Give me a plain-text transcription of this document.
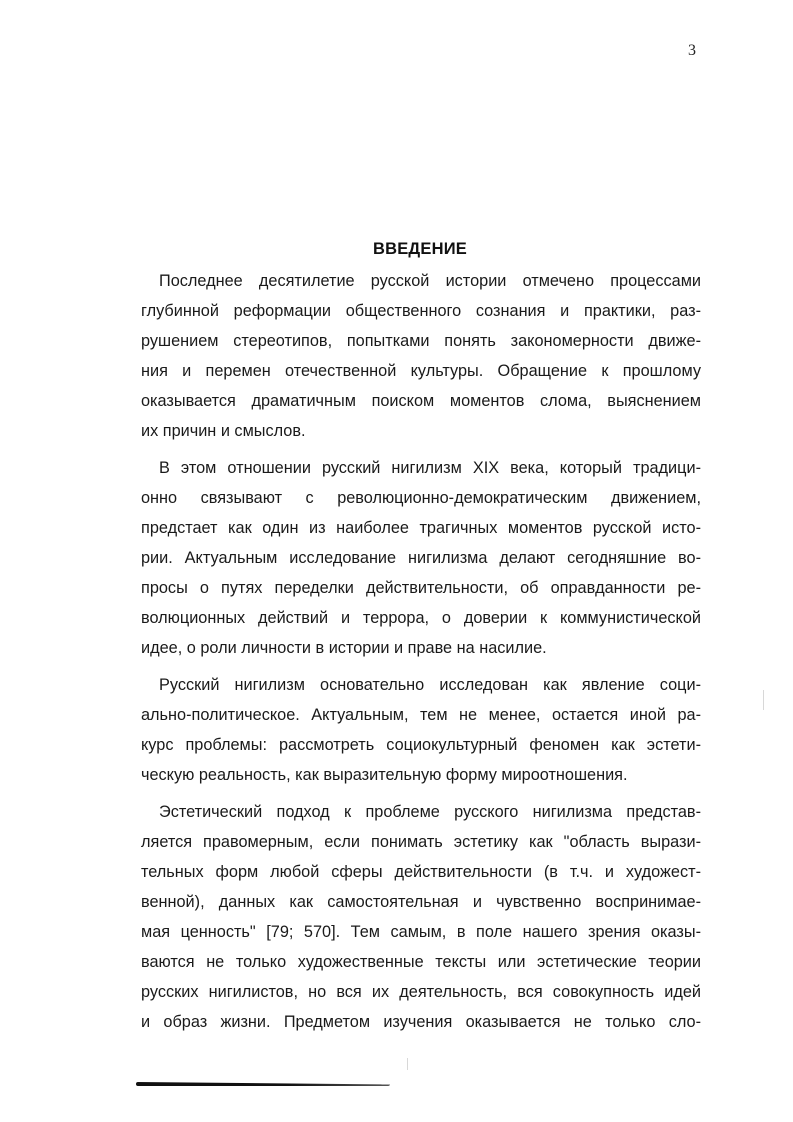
3
ВВЕДЕНИЕ
Последнее десятилетие русской истории отмечено процессами
глубинной реформации общественного сознания и практики, раз-
рушением стереотипов, попытками понять закономерности движе-
ния и перемен отечественной культуры. Обращение к прошлому
оказывается драматичным поиском моментов слома, выяснением
их причин и смыслов.
В этом отношении русский нигилизм XIX века, который традици-
онно связывают с революционно-демократическим движением,
предстает как один из наиболее трагичных моментов русской исто-
рии. Актуальным исследование нигилизма делают сегодняшние во-
просы о путях переделки действительности, об оправданности ре-
волюционных действий и террора, о доверии к коммунистической
идее, о роли личности в истории и праве на насилие.
Русский нигилизм основательно исследован как явление соци-
ально-политическое. Актуальным, тем не менее, остается иной ра-
курс проблемы: рассмотреть социокультурный феномен как эстети-
ческую реальность, как выразительную форму мироотношения.
Эстетический подход к проблеме русского нигилизма представ-
ляется правомерным, если понимать эстетику как "область вырази-
тельных форм любой сферы действительности (в т.ч. и художест-
венной), данных как самостоятельная и чувственно воспринимае-
мая ценность" [79; 570]. Тем самым, в поле нашего зрения оказы-
ваются не только художественные тексты или эстетические теории
русских нигилистов, но вся их деятельность, вся совокупность идей
и образ жизни. Предметом изучения оказывается не только сло-
